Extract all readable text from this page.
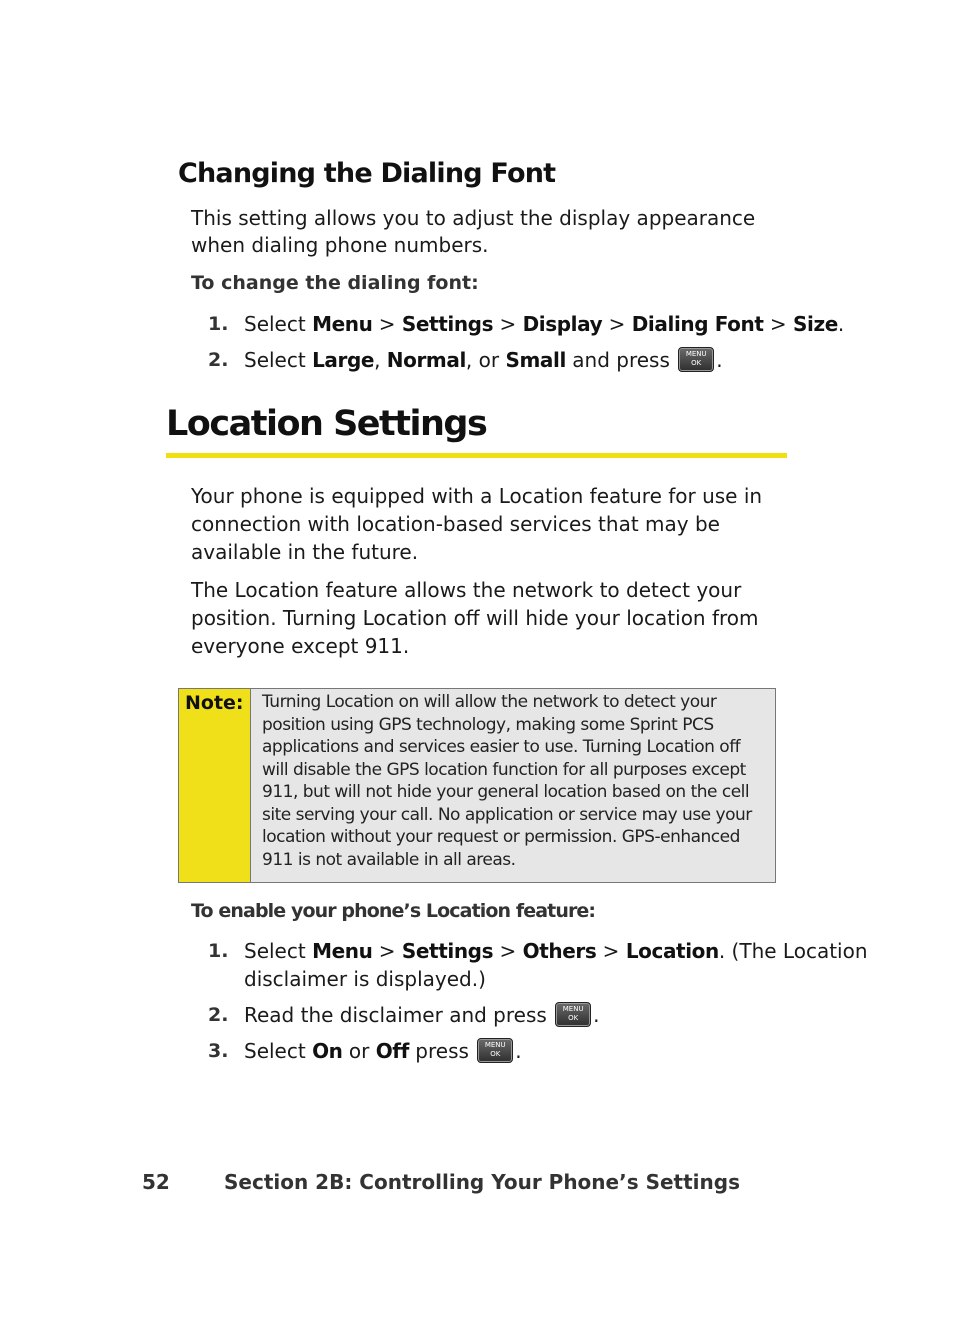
Changing the Dialing Font
This setting allows you to adjust the display appearance when dialing phone numbers.
To change the dialing font:
1. Select Menu > Settings > Display > Dialing Font > Size.
2. Select Large, Normal, or Small and press	MENU
OK .
Location Settings
Your phone is equipped with a Location feature for use in connection with location-based services that may be available in the future.
The Location feature allows the network to detect your position. Turning Location off will hide your location from everyone except 911.
Note: Turning Location on will allow the network to detect your position using GPS technology, making some Sprint PCS applications and services easier to use. Turning Location off will disable the GPS location function for all purposes except 911, but will not hide your general location based on the cell site serving your call. No application or service may use your location without your request or permission. GPS-enhanced 911 is not available in all areas.
To enable your phone’s Location feature:
1. Select Menu > Settings > Others > Location. (The Location
disclaimer is displayed.)
2. Read the disclaimer and press	MENU
OK .
3. Select On or Off press	MENU
OK .
52	Section 2B: Controlling Your Phone’s Settings
